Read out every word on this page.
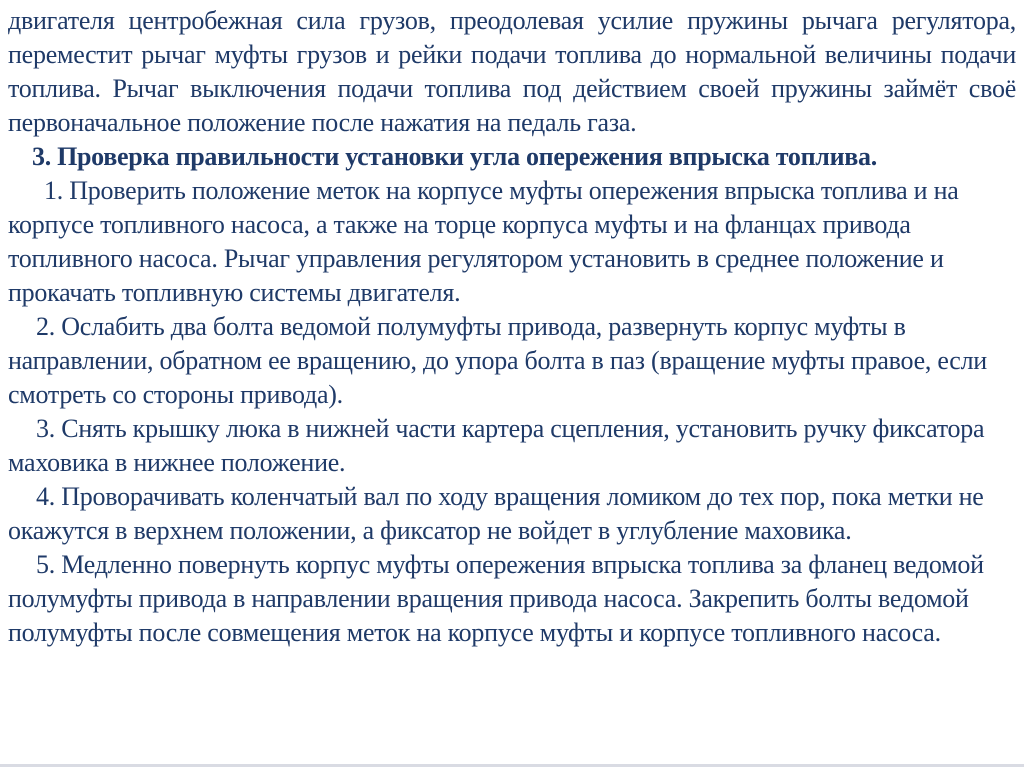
двигателя центробежная сила грузов, преодолевая усилие пружины рычага регулятора, переместит рычаг муфты грузов и рейки подачи топлива до нормальной величины подачи топлива. Рычаг выключения подачи топлива под действием своей пружины займёт своё первоначальное положение после нажатия на педаль газа.

3. Проверка правильности установки угла опережения впрыска топлива.

1. Проверить положение меток на корпусе муфты опережения впрыска топлива и на корпусе топливного насоса, а также на торце корпуса муфты и на фланцах привода топливного насоса. Рычаг управления регулятором установить в среднее положение и прокачать топливную системы двигателя.

2. Ослабить два болта ведомой полумуфты привода, развернуть корпус муфты в направлении, обратном ее вращению, до упора болта в паз (вращение муфты правое, если смотреть со стороны привода).

3. Снять крышку люка в нижней части картера сцепления, установить ручку фиксатора маховика в нижнее положение.

4. Проворачивать коленчатый вал по ходу вращения ломиком до тех пор, пока метки не окажутся в верхнем положении, а фиксатор не войдет в углубление маховика.

5. Медленно повернуть корпус муфты опережения впрыска топлива за фланец ведомой полумуфты привода в направлении вращения привода насоса. Закрепить болты ведомой полумуфты после совмещения меток на корпусе муфты и корпусе топливного насоса.
